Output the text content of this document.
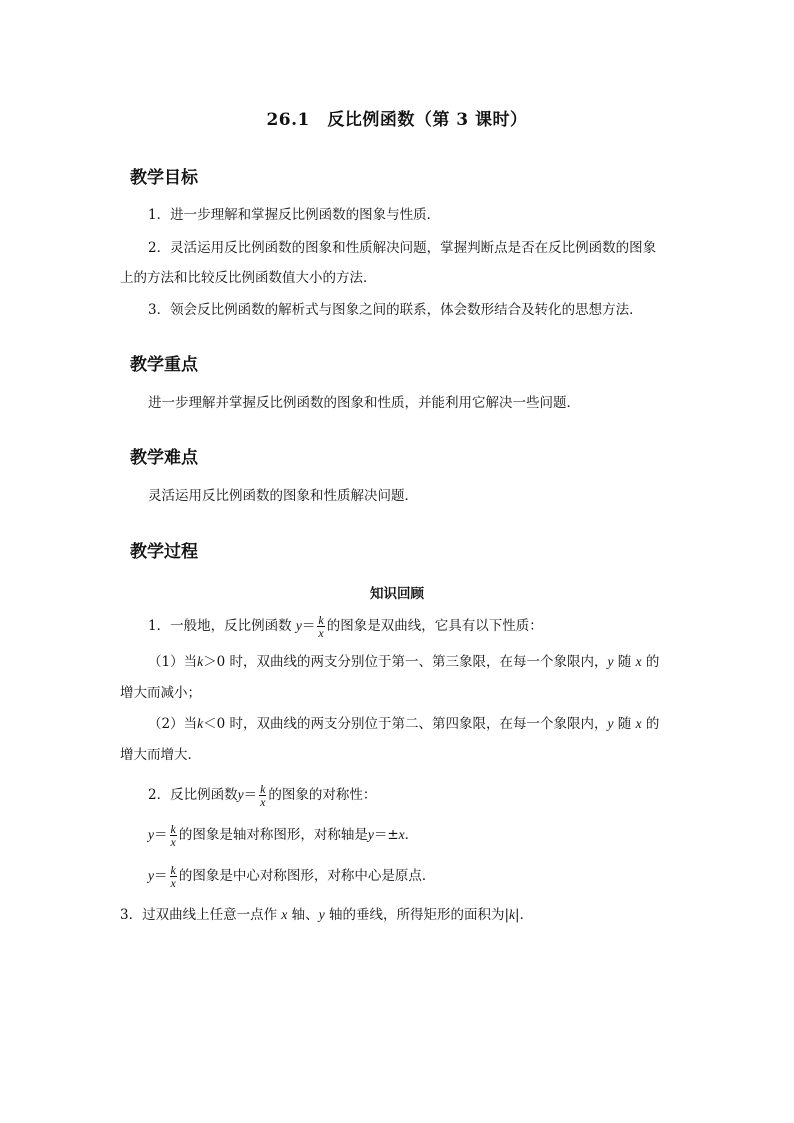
26.1　反比例函数（第 3 课时）
教学目标
1．进一步理解和掌握反比例函数的图象与性质．
2．灵活运用反比例函数的图象和性质解决问题，掌握判断点是否在反比例函数的图象
上的方法和比较反比例函数值大小的方法．
3．领会反比例函数的解析式与图象之间的联系，体会数形结合及转化的思想方法．
教学重点
进一步理解并掌握反比例函数的图象和性质，并能利用它解决一些问题．
教学难点
灵活运用反比例函数的图象和性质解决问题．
教学过程
知识回顾
1．一般地，反比例函数 $y= \frac{k}{x}$ 的图象是双曲线，它具有以下性质：
（1）当k＞0 时，双曲线的两支分别位于第一、第三象限，在每一个象限内，y 随 x 的
增大而减小；
（2）当k＜0 时，双曲线的两支分别位于第二、第四象限，在每一个象限内，y 随 x 的
增大而增大．
2．反比例函数$y= \frac{k}{x}$ 的图象的对称性：
$y= \frac{k}{x}$ 的图象是轴对称图形，对称轴是y＝±x．
$y= \frac{k}{x}$ 的图象是中心对称图形，对称中心是原点．
3．过双曲线上任意一点作 x 轴、y 轴的垂线，所得矩形的面积为|k|．
